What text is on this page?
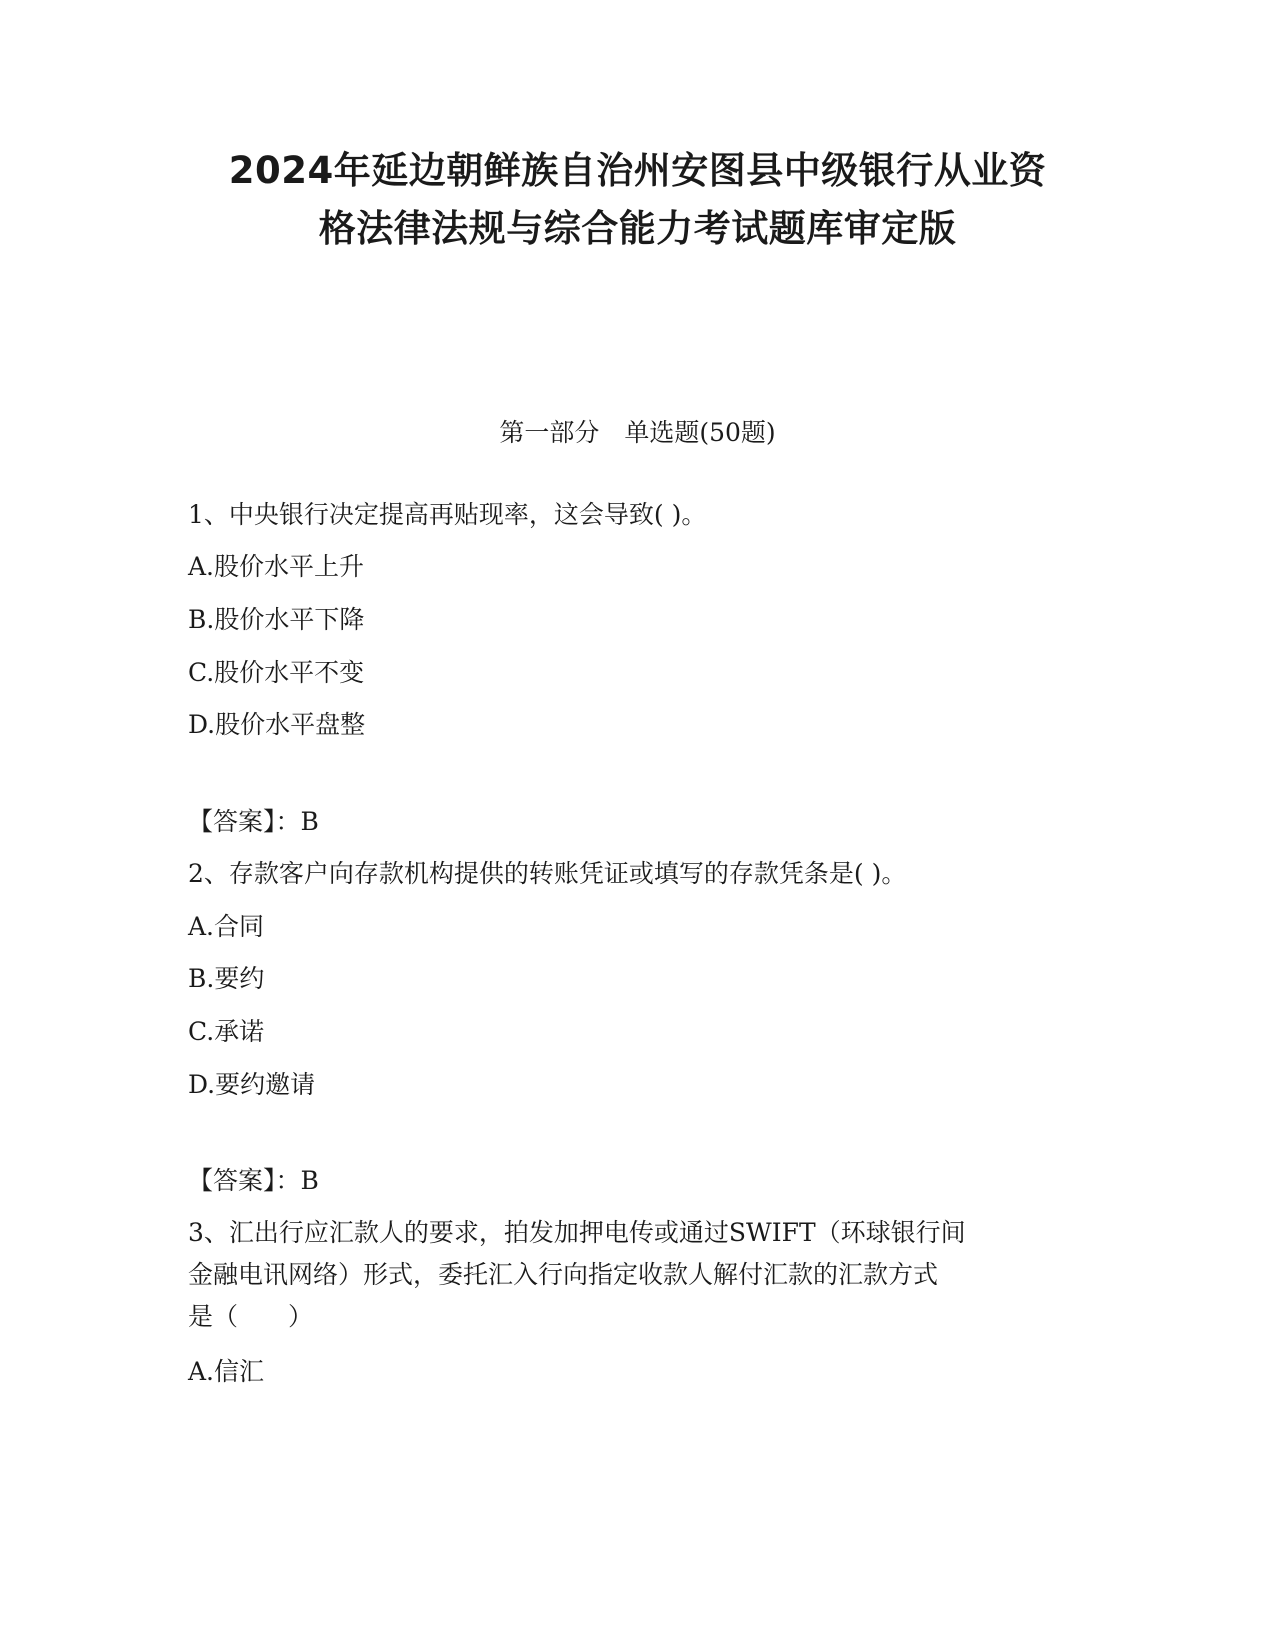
2024年延边朝鲜族自治州安图县中级银行从业资
格法律法规与综合能力考试题库审定版
第一部分　单选题(50题)
1、中央银行决定提高再贴现率，这会导致( )。
A.股价水平上升
B.股价水平下降
C.股价水平不变
D.股价水平盘整
【答案】：B
2、存款客户向存款机构提供的转账凭证或填写的存款凭条是( )。
A.合同
B.要约
C.承诺
D.要约邀请
【答案】：B
3、汇出行应汇款人的要求，拍发加押电传或通过SWIFT（环球银行间
金融电讯网络）形式，委托汇入行向指定收款人解付汇款的汇款方式
是（　　）
A.信汇
